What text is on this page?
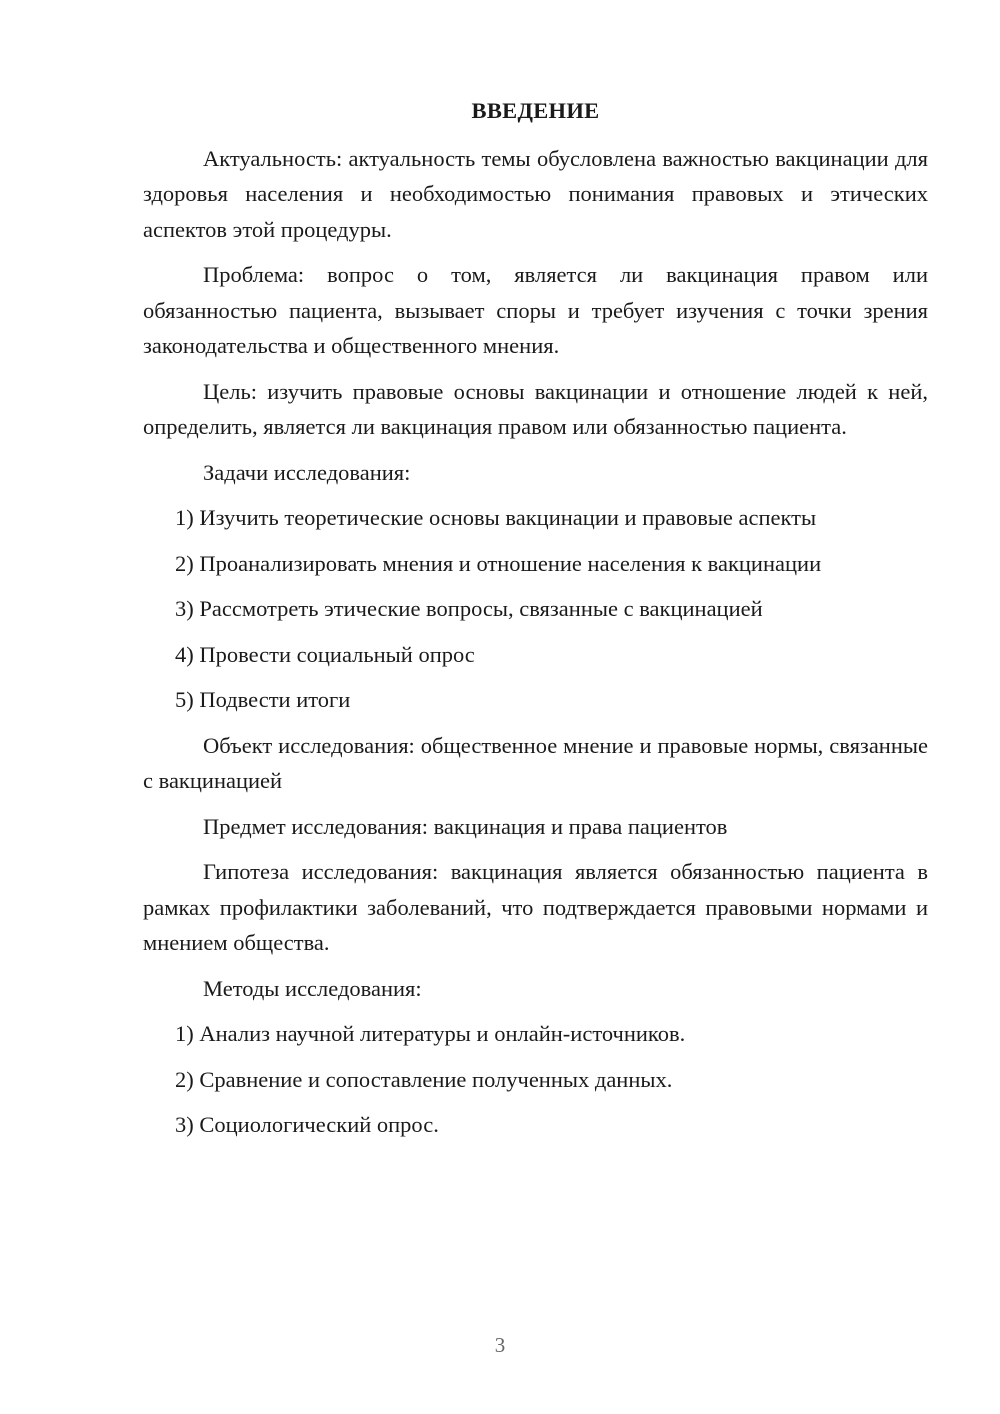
ВВЕДЕНИЕ

Актуальность: актуальность темы обусловлена важностью вакцинации для здоровья населения и необходимостью понимания правовых и этических аспектов этой процедуры.

Проблема: вопрос о том, является ли вакцинация правом или обязанностью пациента, вызывает споры и требует изучения с точки зрения законодательства и общественного мнения.

Цель: изучить правовые основы вакцинации и отношение людей к ней, определить, является ли вакцинация правом или обязанностью пациента.

Задачи исследования:

1) Изучить теоретические основы вакцинации и правовые аспекты
2) Проанализировать мнения и отношение населения к вакцинации
3) Рассмотреть этические вопросы, связанные с вакцинацией
4) Провести социальный опрос
5) Подвести итоги

Объект исследования: общественное мнение и правовые нормы, связанные с вакцинацией

Предмет исследования: вакцинация и права пациентов

Гипотеза исследования: вакцинация является обязанностью пациента в рамках профилактики заболеваний, что подтверждается правовыми нормами и мнением общества.

Методы исследования:

1) Анализ научной литературы и онлайн-источников.
2) Сравнение и сопоставление полученных данных.
3) Социологический опрос.
3
